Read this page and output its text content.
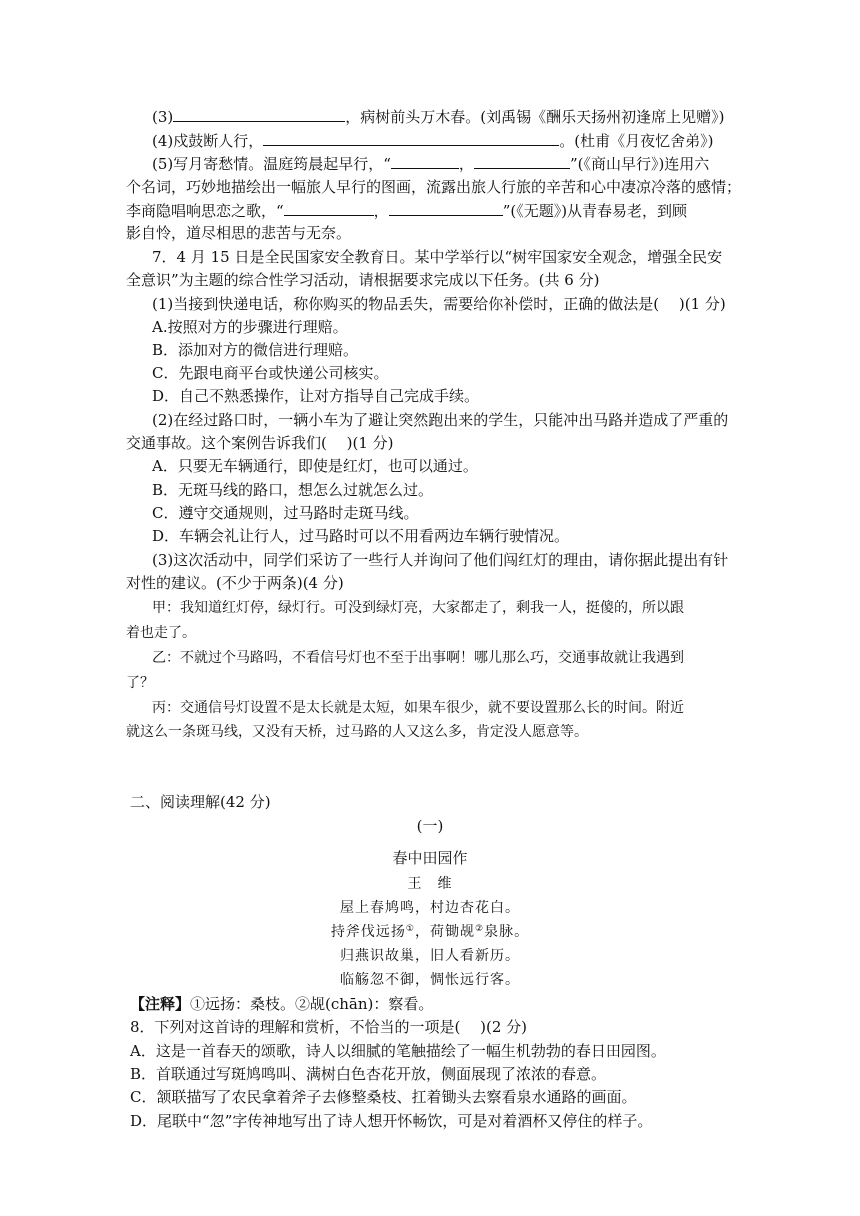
(3)	，病树前头万木春。(刘禹锡《酬乐天扬州初逢席上见赠》)
(4)戍鼓断人行，	。(杜甫《月夜忆舍弟》)
(5)写月寄愁情。温庭筠晨起早行，“	，	”(《商山早行》)连用六
个名词，巧妙地描绘出一幅旅人早行的图画，流露出旅人行旅的辛苦和心中凄凉冷落的感情；
李商隐唱响思恋之歌，“	，	”(《无题》)从青春易老，到顾
影自怜，道尽相思的悲苦与无奈。
7．4 月 15 日是全民国家安全教育日。某中学举行以“树牢国家安全观念，增强全民安
全意识”为主题的综合性学习活动，请根据要求完成以下任务。(共 6 分)
(1)当接到快递电话，称你购买的物品丢失，需要给你补偿时，正确的做法是(　 )(1 分)
A.按照对方的步骤进行理赔。
B．添加对方的微信进行理赔。
C．先跟电商平台或快递公司核实。
D．自己不熟悉操作，让对方指导自己完成手续。
(2)在经过路口时，一辆小车为了避让突然跑出来的学生，只能冲出马路并造成了严重的
交通事故。这个案例告诉我们(　 )(1 分)
A．只要无车辆通行，即使是红灯，也可以通过。
B．无斑马线的路口，想怎么过就怎么过。
C．遵守交通规则，过马路时走斑马线。
D．车辆会礼让行人，过马路时可以不用看两边车辆行驶情况。
(3)这次活动中，同学们采访了一些行人并询问了他们闯红灯的理由，请你据此提出有针
对性的建议。(不少于两条)(4 分)
甲：我知道红灯停，绿灯行。可没到绿灯亮，大家都走了，剩我一人，挺傻的，所以跟
着也走了。
乙：不就过个马路吗，不看信号灯也不至于出事啊！哪儿那么巧，交通事故就让我遇到
了？
丙：交通信号灯设置不是太长就是太短，如果车很少，就不要设置那么长的时间。附近
就这么一条斑马线，又没有天桥，过马路的人又这么多，肯定没人愿意等。
二、阅读理解(42 分)
(一)
春中田园作
王　维
屋上春鸠鸣，村边杏花白。
持斧伐远扬①，荷锄觇②泉脉。
归燕识故巢，旧人看新历。
临觞忽不御，惆怅远行客。
【注释】①远扬：桑枝。②觇(chān)：察看。
8．下列对这首诗的理解和赏析，不恰当的一项是(　 )(2 分)
A．这是一首春天的颂歌，诗人以细腻的笔触描绘了一幅生机勃勃的春日田园图。
B．首联通过写斑鸠鸣叫、满树白色杏花开放，侧面展现了浓浓的春意。
C．颔联描写了农民拿着斧子去修整桑枝、扛着锄头去察看泉水通路的画面。
D．尾联中“忽”字传神地写出了诗人想开怀畅饮，可是对着酒杯又停住的样子。
